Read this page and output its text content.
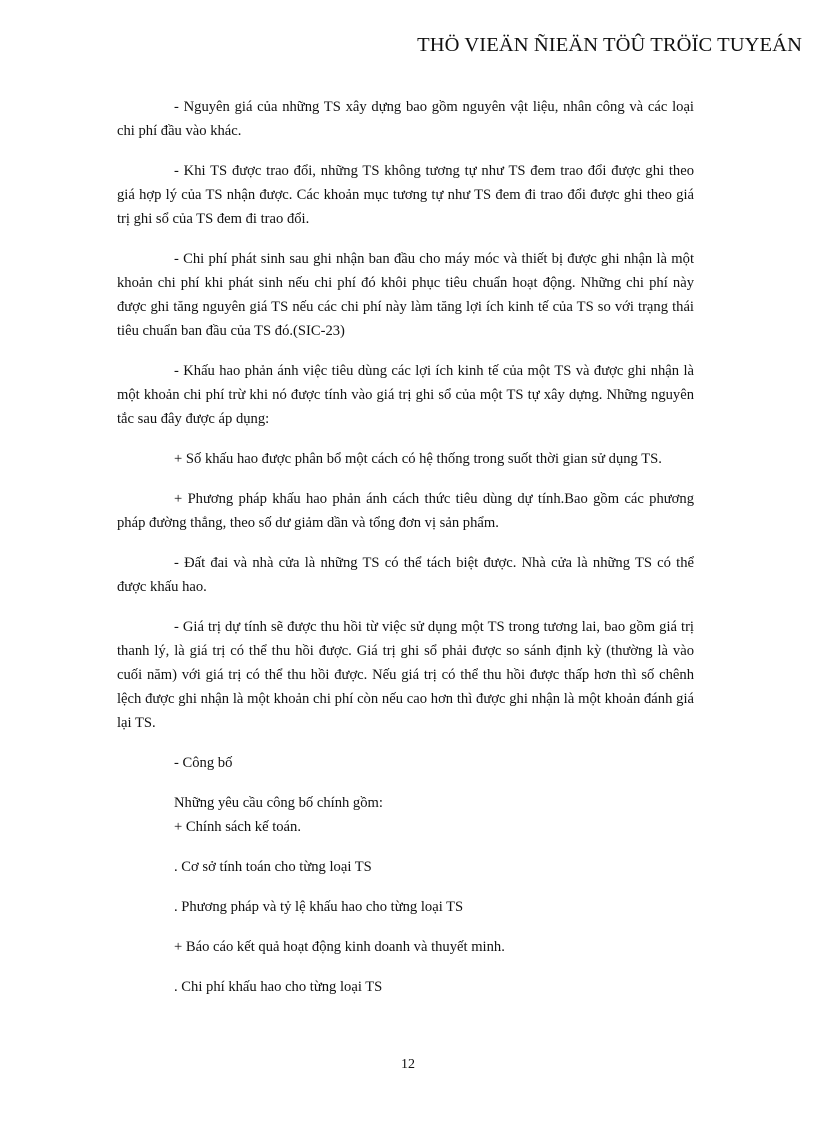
THÖ VIEÄN ÑIEÄN TÖÛ TRÖÏC TUYEÁN

- Nguyên giá của những TS xây dựng bao gồm nguyên vật liệu, nhân công và các loại chi phí đầu vào khác.

- Khi TS được trao đổi, những TS không tương tự như TS đem trao đổi được ghi theo giá hợp lý của TS nhận được. Các khoản mục tương tự như TS đem đi trao đổi được ghi theo giá trị ghi sổ của TS đem đi trao đổi.

- Chi phí phát sinh sau ghi nhận ban đầu cho máy móc và thiết bị được ghi nhận là một khoản chi phí khi phát sinh nếu chi phí đó khôi phục tiêu chuẩn hoạt động. Những chi phí này được ghi tăng nguyên giá TS nếu các chi phí này làm tăng lợi ích kinh tế của TS so với trạng thái tiêu chuẩn ban đầu của TS đó.(SIC-23)

- Khấu hao phản ánh việc tiêu dùng các lợi ích kinh tế của một TS và được ghi nhận là một khoản chi phí trừ khi nó được tính vào giá trị ghi sổ của một TS tự xây dựng. Những nguyên tắc sau đây được áp dụng:

+ Số khấu hao được phân bổ một cách có hệ thống trong suốt thời gian sử dụng TS.

+ Phương pháp khấu hao phản ánh cách thức tiêu dùng dự tính.Bao gồm các phương pháp đường thẳng, theo số dư giảm dần và tổng đơn vị sản phẩm.

- Đất đai và nhà cửa là những TS có thể tách biệt được. Nhà cửa là những TS có thể được khấu hao.

- Giá trị dự tính sẽ được thu hồi từ việc sử dụng một TS trong tương lai, bao gồm giá trị thanh lý, là giá trị có thể thu hồi được. Giá trị ghi sổ phải được so sánh định kỳ (thường là vào cuối năm) với giá trị có thể thu hồi được. Nếu giá trị có thể thu hồi được thấp hơn thì số chênh lệch được ghi nhận là một khoản chi phí còn nếu cao hơn thì được ghi nhận là một khoản đánh giá lại TS.

- Công bố

Những yêu cầu công bố chính gồm:

+ Chính sách kế toán.

. Cơ sở tính toán cho từng loại TS

. Phương pháp và tỷ lệ khấu hao cho từng loại TS

+ Báo cáo kết quả hoạt động kinh doanh và thuyết minh.

. Chi phí khấu hao cho từng loại TS

12
